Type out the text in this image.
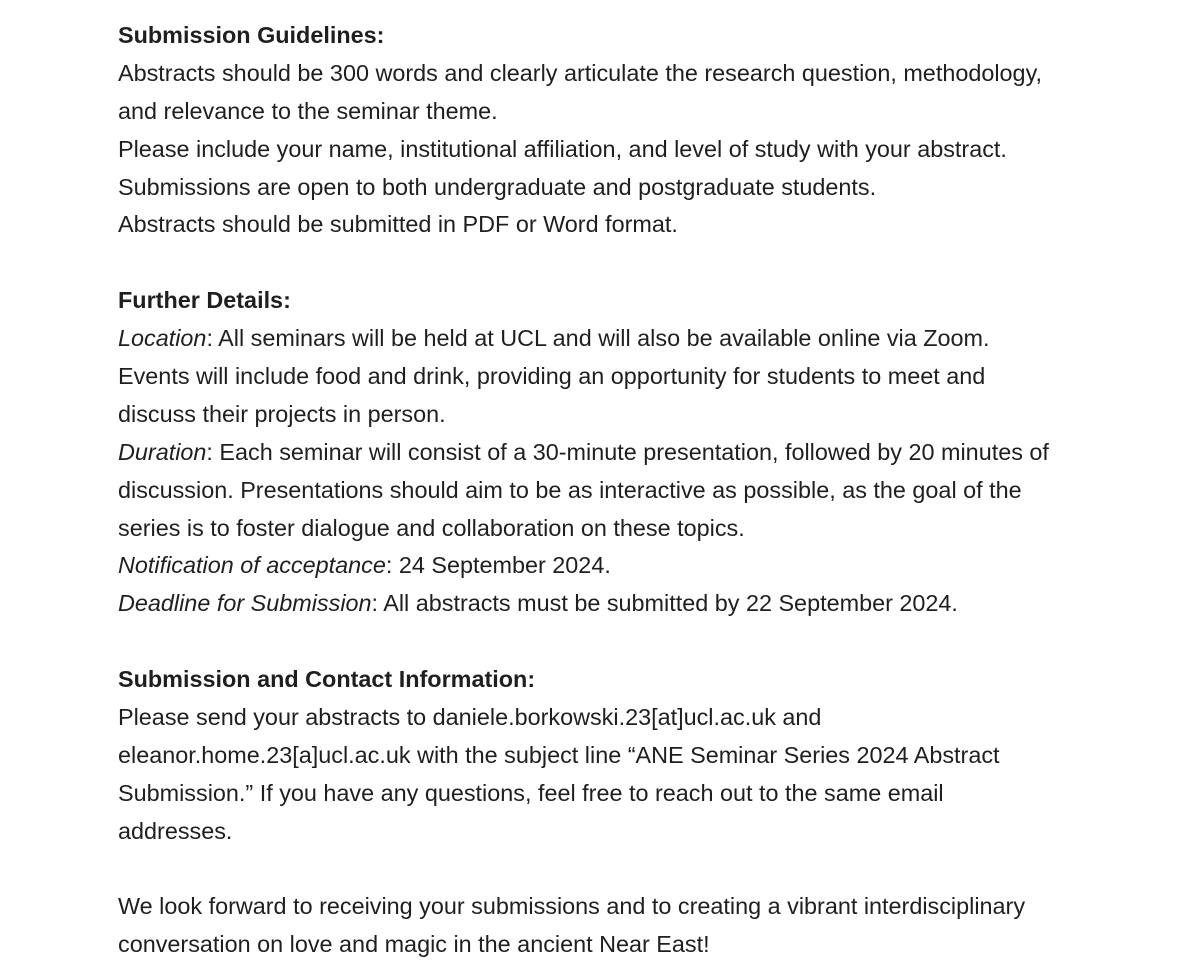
Submission Guidelines:
Abstracts should be 300 words and clearly articulate the research question, methodology,
and relevance to the seminar theme.
Please include your name, institutional affiliation, and level of study with your abstract.
Submissions are open to both undergraduate and postgraduate students.
Abstracts should be submitted in PDF or Word format.
Further Details:
Location: All seminars will be held at UCL and will also be available online via Zoom.
Events will include food and drink, providing an opportunity for students to meet and
discuss their projects in person.
Duration: Each seminar will consist of a 30-minute presentation, followed by 20 minutes of
discussion. Presentations should aim to be as interactive as possible, as the goal of the
series is to foster dialogue and collaboration on these topics.
Notification of acceptance: 24 September 2024.
Deadline for Submission: All abstracts must be submitted by 22 September 2024.
Submission and Contact Information:
Please send your abstracts to daniele.borkowski.23[at]ucl.ac.uk and
eleanor.home.23[a]ucl.ac.uk with the subject line “ANE Seminar Series 2024 Abstract
Submission.” If you have any questions, feel free to reach out to the same email
addresses.
We look forward to receiving your submissions and to creating a vibrant interdisciplinary
conversation on love and magic in the ancient Near East!
